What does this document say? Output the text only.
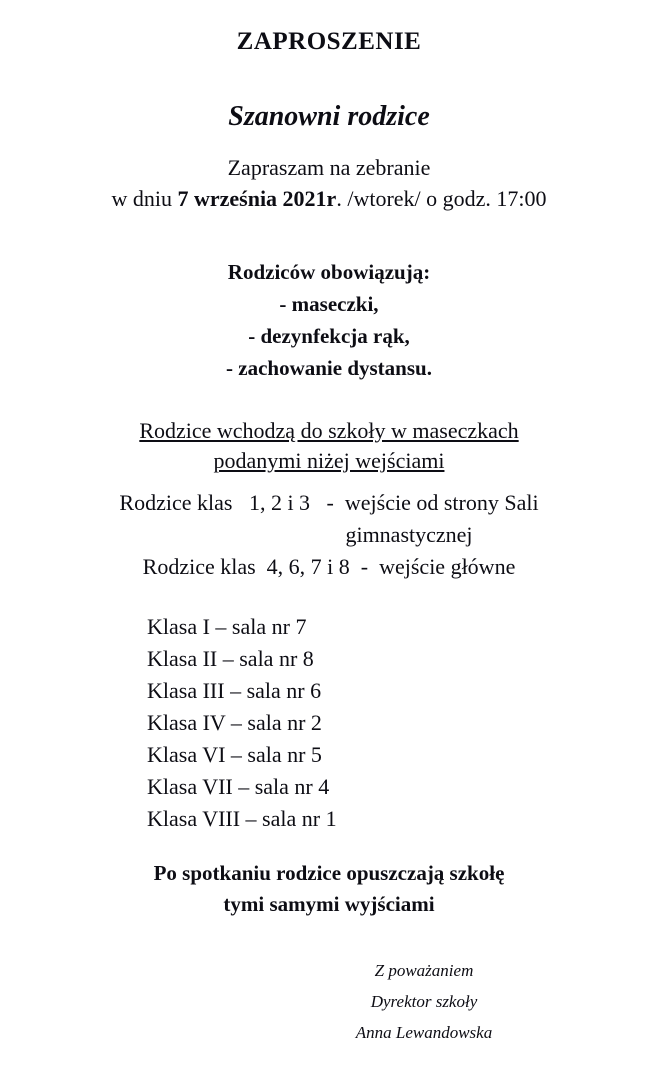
ZAPROSZENIE
Szanowni rodzice
Zapraszam na zebranie
w dniu 7 września 2021r. /wtorek/ o godz. 17:00
Rodziców obowiązują:
- maseczki,
- dezynfekcja rąk,
- zachowanie dystansu.
Rodzice wchodzą do szkoły w maseczkach
podanymi niżej wejściami
Rodzice klas   1, 2 i 3   -  wejście od strony Sali
gimnastycznej
Rodzice klas  4, 6, 7 i 8  -  wejście główne
Klasa I – sala nr 7
Klasa II – sala nr 8
Klasa III – sala nr 6
Klasa IV – sala nr 2
Klasa VI – sala nr 5
Klasa VII – sala nr 4
Klasa VIII – sala nr 1
Po spotkaniu rodzice opuszczają szkołę
tymi samymi wyjściami
Z poważaniem
Dyrektor szkoły
Anna Lewandowska
